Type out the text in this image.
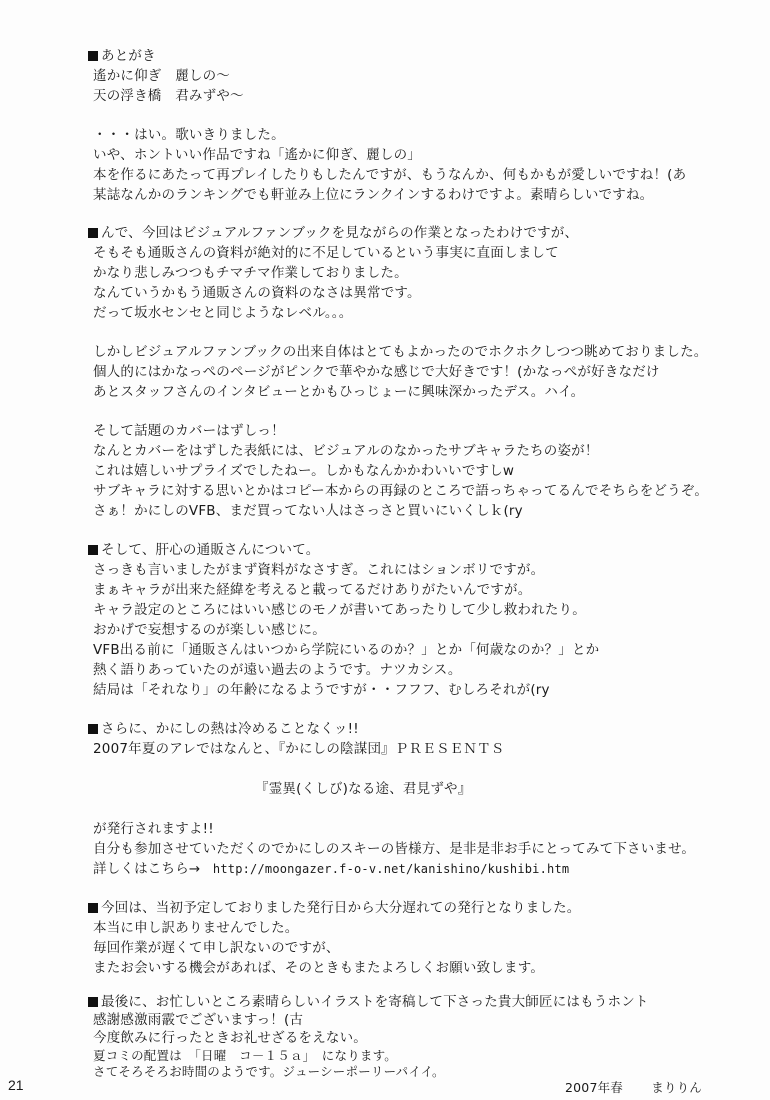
あとがき
遙かに仰ぎ　麗しの～
天の浮き橋　君みずや～
・・・はい。歌いきりました。
いや、ホントいい作品ですね「遙かに仰ぎ、麗しの」
本を作るにあたって再プレイしたりもしたんですが、もうなんか、何もかもが愛しいですね！(あ
某誌なんかのランキングでも軒並み上位にランクインするわけですよ。素晴らしいですね。
んで、今回はビジュアルファンブックを見ながらの作業となったわけですが、
そもそも通販さんの資料が絶対的に不足しているという事実に直面しまして
かなり悲しみつつもチマチマ作業しておりました。
なんていうかもう通販さんの資料のなさは異常です。
だって坂水センセと同じようなレベル。。。
しかしビジュアルファンブックの出来自体はとてもよかったのでホクホクしつつ眺めておりました。
個人的にはかなっぺのページがピンクで華やかな感じで大好きです！(かなっぺが好きなだけ
あとスタッフさんのインタビューとかもひっじょーに興味深かったデス。ハイ。
そして話題のカバーはずしっ！
なんとカバーをはずした表紙には、ビジュアルのなかったサブキャラたちの姿が！
これは嬉しいサプライズでしたねー。しかもなんかかわいいですしw
サブキャラに対する思いとかはコピー本からの再録のところで語っちゃってるんでそちらをどうぞ。
さぁ！かにしのVFB、まだ買ってない人はさっさと買いにいくしｋ(ry
そして、肝心の通販さんについて。
さっきも言いましたがまず資料がなさすぎ。これにはションボリですが。
まぁキャラが出来た経緯を考えると載ってるだけありがたいんですが。
キャラ設定のところにはいい感じのモノが書いてあったりして少し救われたり。
おかげで妄想するのが楽しい感じに。
VFB出る前に「通販さんはいつから学院にいるのか？」とか「何歳なのか？」とか
熱く語りあっていたのが遠い過去のようです。ナツカシス。
結局は「それなり」の年齢になるようですが・・フフフ、むしろそれが(ry
さらに、かにしの熱は冷めることなくッ!!
2007年夏のアレではなんと、『かにしの陰謀団』ＰＲＥＳＥＮＴＳ
『霊異(くしび)なる途、君見ずや』
が発行されますよ!!
自分も参加させていただくのでかにしのスキーの皆様方、是非是非お手にとってみて下さいませ。
詳しくはこちら→ http://moongazer.f-o-v.net/kanishino/kushibi.htm
今回は、当初予定しておりました発行日から大分遅れての発行となりました。
本当に申し訳ありませんでした。
毎回作業が遅くて申し訳ないのですが、
またお会いする機会があれば、そのときもまたよろしくお願い致します。
最後に、お忙しいところ素晴らしいイラストを寄稿して下さった貴大師匠にはもうホント
感謝感激雨霰でございますっ！(古
今度飲みに行ったときお礼せざるをえない。
夏コミの配置は　「日曜　コ－１５ａ」　になります。
さてそろそろお時間のようです。ジューシーポーリーパイイ。
2007年春 まりりん
21
